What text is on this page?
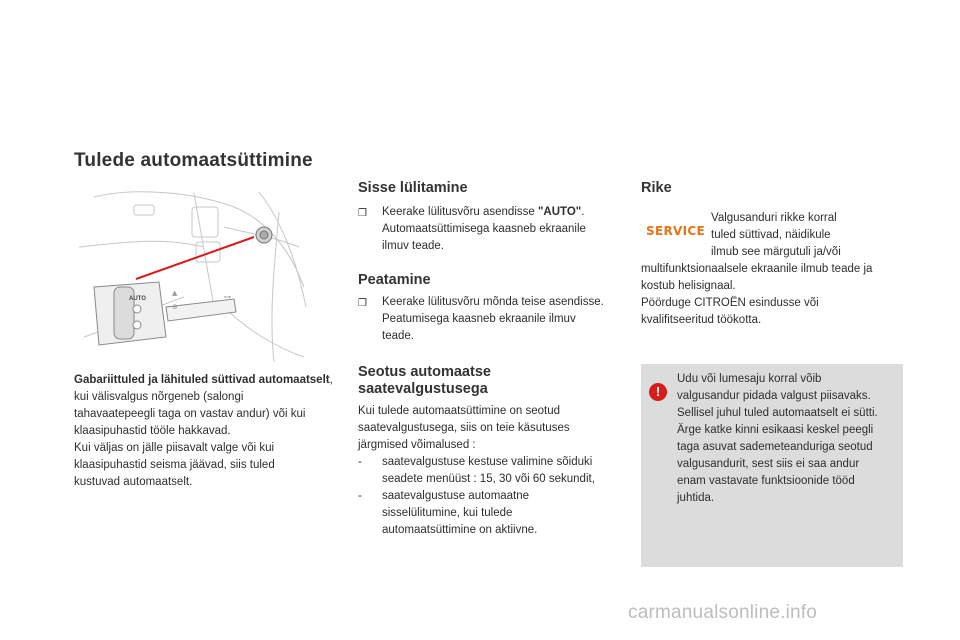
Tulede automaatsüttimine
AUTO
▲
⊕
⊶
Gabariittuled ja lähituled süttivad automaatselt,
kui välisvalgus nõrgeneb (salongi
tahavaatepeegli taga on vastav andur) või kui
klaasipuhastid tööle hakkavad.
Kui väljas on jälle piisavalt valge või kui
klaasipuhastid seisma jäävad, siis tuled
kustuvad automaatselt.
Sisse lülitamine
❒	Keerake lülitusvõru asendisse "AUTO".
Automaatsüttimisega kaasneb ekraanile
ilmuv teade.
Peatamine
❒	Keerake lülitusvõru mõnda teise asendisse.
Peatumisega kaasneb ekraanile ilmuv
teade.
Seotus automaatse
saatevalgustusega
Kui tulede automaatsüttimine on seotud
saatevalgustusega, siis on teie käsutuses
järgmised võimalused :
-	saatevalgustuse kestuse valimine sõiduki
seadete menüüst : 15, 30 või 60 sekundit,
-	saatevalgustuse automaatne
sisselülitumine, kui tulede
automaatsüttimine on aktiivne.
Rike
SERVICE
Valgusanduri rikke korral
tuled süttivad, näidikule
ilmub see märgutuli ja/või
multifunktsionaalsele ekraanile ilmub teade ja
kostub helisignaal.
Pöörduge CITROËN esindusse või
kvalifitseeritud töökotta.
!
Udu või lumesaju korral võib
valgusandur pidada valgust piisavaks.
Sellisel juhul tuled automaatselt ei sütti.
Ärge katke kinni esikaasi keskel peegli
taga asuvat sademeteanduriga seotud
valgusandurit, sest siis ei saa andur
enam vastavate funktsioonide tööd
juhtida.
carmanualsonline.info
